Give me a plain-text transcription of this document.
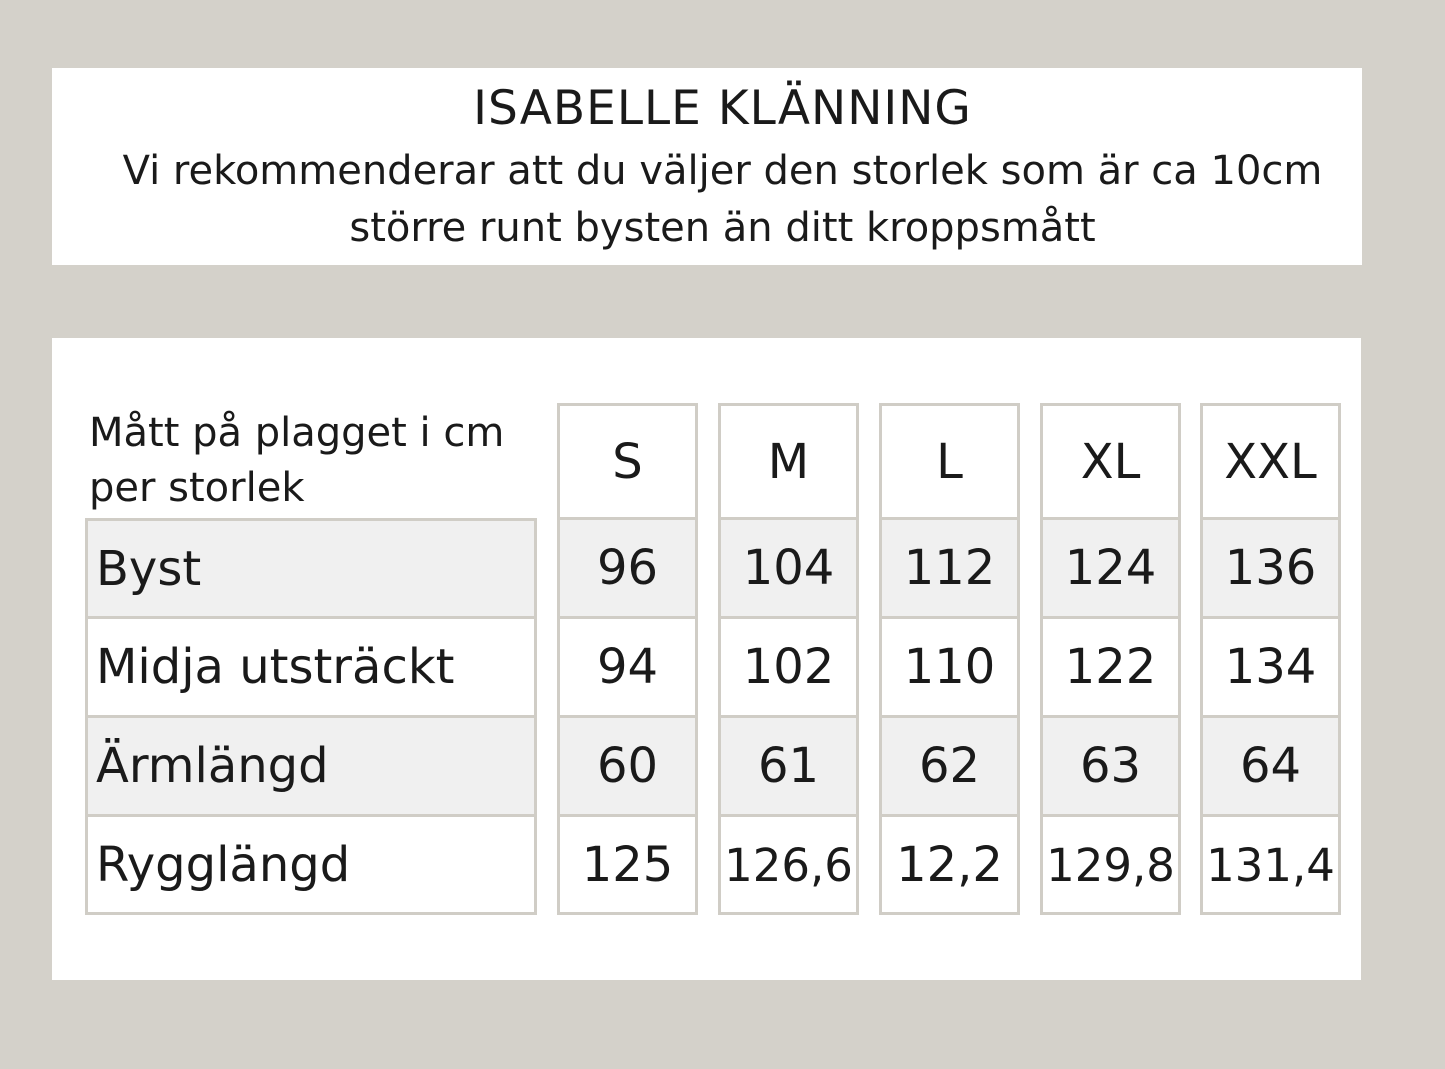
ISABELLE KLÄNNING
Vi rekommenderar att du väljer den storlek som är ca 10cm
större runt bysten än ditt kroppsmått
Mått på plagget i cm
per storlek
Byst
Midja utsträckt
Ärmlängd
Rygglängd
S
96
94
60
125
M
104
102
61
126,6
L
112
110
62
12,2
XL
124
122
63
129,8
XXL
136
134
64
131,4
